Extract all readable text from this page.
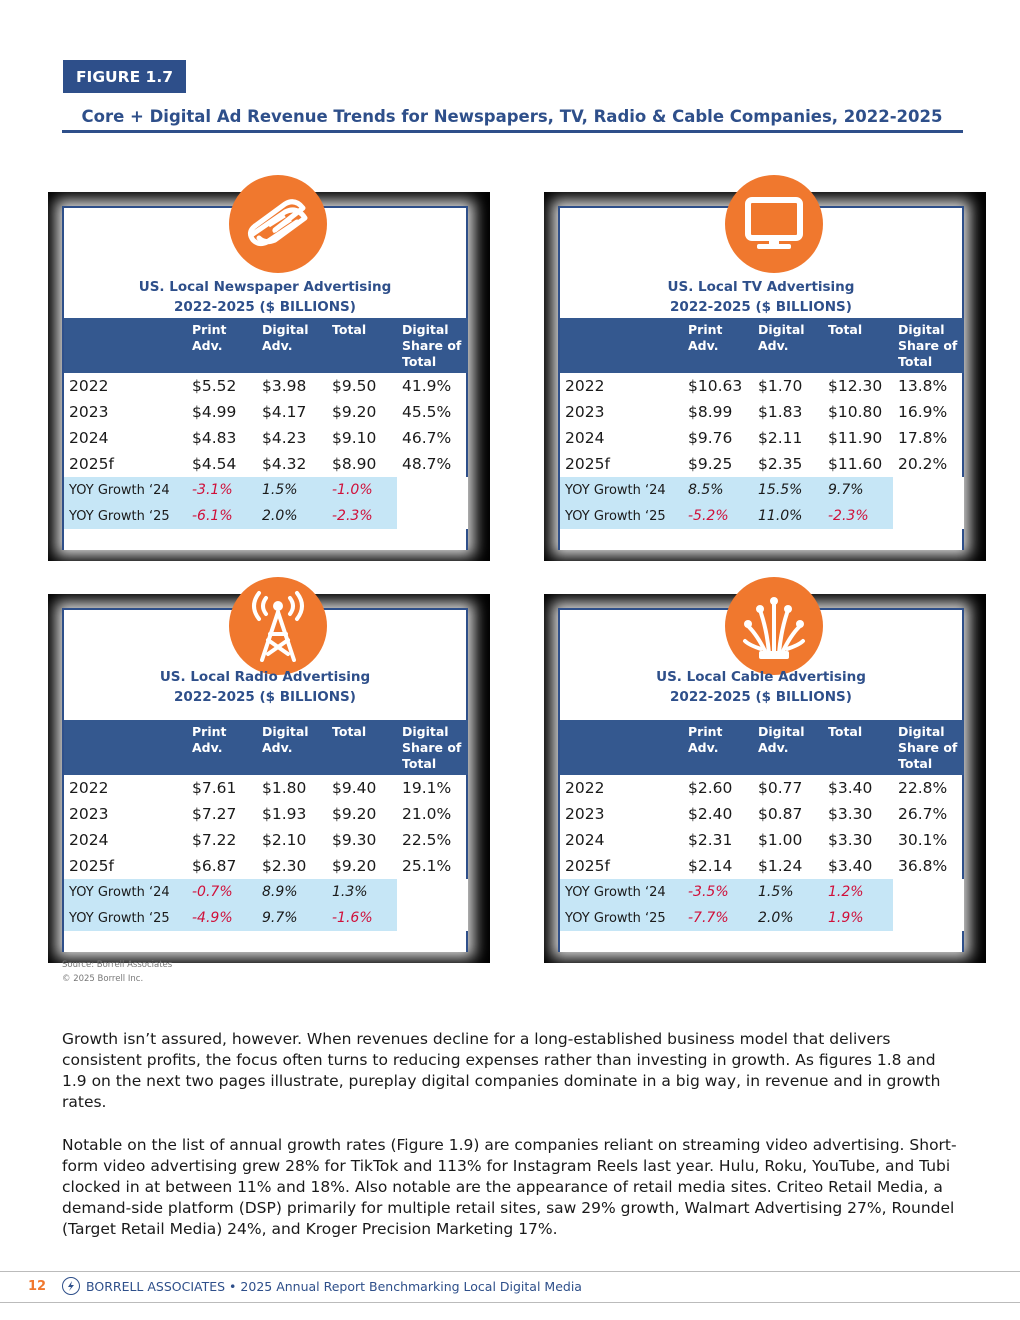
FIGURE 1.7
Core + Digital Ad Revenue Trends for Newspapers, TV, Radio & Cable Companies, 2022-2025
US. Local Newspaper Advertising
2022-2025 ($ BILLIONS)
	Print Adv.	Digital Adv.	Total	Digital Share of Total
2022	$5.52	$3.98	$9.50	41.9%
2023	$4.99	$4.17	$9.20	45.5%
2024	$4.83	$4.23	$9.10	46.7%
2025f	$4.54	$4.32	$8.90	48.7%
YOY Growth ‘24	-3.1%	1.5%	-1.0%	
YOY Growth ‘25	-6.1%	2.0%	-2.3%	
US. Local TV Advertising
2022-2025 ($ BILLIONS)
	Print Adv.	Digital Adv.	Total	Digital Share of Total
2022	$10.63	$1.70	$12.30	13.8%
2023	$8.99	$1.83	$10.80	16.9%
2024	$9.76	$2.11	$11.90	17.8%
2025f	$9.25	$2.35	$11.60	20.2%
YOY Growth ‘24	8.5%	15.5%	9.7%	
YOY Growth ‘25	-5.2%	11.0%	-2.3%	
US. Local Radio Advertising
2022-2025 ($ BILLIONS)
	Print Adv.	Digital Adv.	Total	Digital Share of Total
2022	$7.61	$1.80	$9.40	19.1%
2023	$7.27	$1.93	$9.20	21.0%
2024	$7.22	$2.10	$9.30	22.5%
2025f	$6.87	$2.30	$9.20	25.1%
YOY Growth ‘24	-0.7%	8.9%	1.3%	
YOY Growth ‘25	-4.9%	9.7%	-1.6%	
US. Local Cable Advertising
2022-2025 ($ BILLIONS)
	Print Adv.	Digital Adv.	Total	Digital Share of Total
2022	$2.60	$0.77	$3.40	22.8%
2023	$2.40	$0.87	$3.30	26.7%
2024	$2.31	$1.00	$3.30	30.1%
2025f	$2.14	$1.24	$3.40	36.8%
YOY Growth ‘24	-3.5%	1.5%	1.2%	
YOY Growth ‘25	-7.7%	2.0%	1.9%	
Source: Borrell Associates
© 2025 Borrell Inc.

Growth isn’t assured, however. When revenues decline for a long-established business model that delivers consistent profits, the focus often turns to reducing expenses rather than investing in growth. As figures 1.8 and 1.9 on the next two pages illustrate, pureplay digital companies dominate in a big way, in revenue and in growth rates.

Notable on the list of annual growth rates (Figure 1.9) are companies reliant on streaming video advertising. Short-form video advertising grew 28% for TikTok and 113% for Instagram Reels last year. Hulu, Roku, YouTube, and Tubi clocked in at between 11% and 18%. Also notable are the appearance of retail media sites. Criteo Retail Media, a demand-side platform (DSP) primarily for multiple retail sites, saw 29% growth, Walmart Advertising 27%, Roundel (Target Retail Media) 24%, and Kroger Precision Marketing 17%.

12	BORRELL ASSOCIATES • 2025 Annual Report Benchmarking Local Digital Media
